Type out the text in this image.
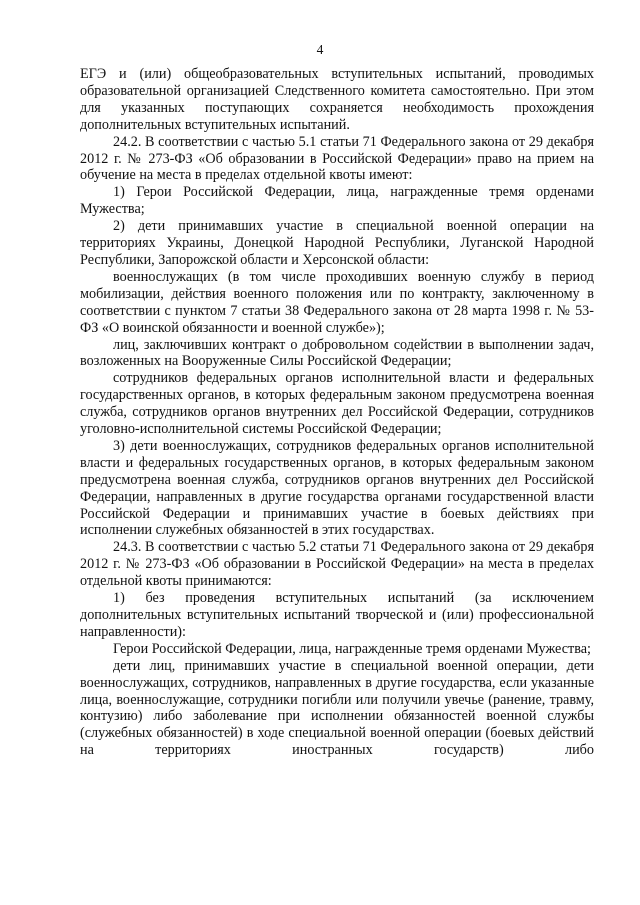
4

ЕГЭ и (или) общеобразовательных вступительных испытаний, проводимых образовательной организацией Следственного комитета самостоятельно. При этом для указанных поступающих сохраняется необходимость прохождения дополнительных вступительных испытаний.

24.2. В соответствии с частью 5.1 статьи 71 Федерального закона от 29 декабря 2012 г. № 273-ФЗ «Об образовании в Российской Федерации» право на прием на обучение на места в пределах отдельной квоты имеют:

1) Герои Российской Федерации, лица, награжденные тремя орденами Мужества;

2) дети принимавших участие в специальной военной операции на территориях Украины, Донецкой Народной Республики, Луганской Народной Республики, Запорожской области и Херсонской области:

военнослужащих (в том числе проходивших военную службу в период мобилизации, действия военного положения или по контракту, заключенному в соответствии с пунктом 7 статьи 38 Федерального закона от 28 марта 1998 г. № 53-ФЗ «О воинской обязанности и военной службе»);

лиц, заключивших контракт о добровольном содействии в выполнении задач, возложенных на Вооруженные Силы Российской Федерации;

сотрудников федеральных органов исполнительной власти и федеральных государственных органов, в которых федеральным законом предусмотрена военная служба, сотрудников органов внутренних дел Российской Федерации, сотрудников уголовно-исполнительной системы Российской Федерации;

3) дети военнослужащих, сотрудников федеральных органов исполнительной власти и федеральных государственных органов, в которых федеральным законом предусмотрена военная служба, сотрудников органов внутренних дел Российской Федерации, направленных в другие государства органами государственной власти Российской Федерации и принимавших участие в боевых действиях при исполнении служебных обязанностей в этих государствах.

24.3. В соответствии с частью 5.2 статьи 71 Федерального закона от 29 декабря 2012 г. № 273-ФЗ «Об образовании в Российской Федерации» на места в пределах отдельной квоты принимаются:

1) без проведения вступительных испытаний (за исключением дополнительных вступительных испытаний творческой и (или) профессиональной направленности):

Герои Российской Федерации, лица, награжденные тремя орденами Мужества;

дети лиц, принимавших участие в специальной военной операции, дети военнослужащих, сотрудников, направленных в другие государства, если указанные лица, военнослужащие, сотрудники погибли или получили увечье (ранение, травму, контузию) либо заболевание при исполнении обязанностей военной службы (служебных обязанностей) в ходе специальной военной операции (боевых действий на территориях иностранных государств) либо
